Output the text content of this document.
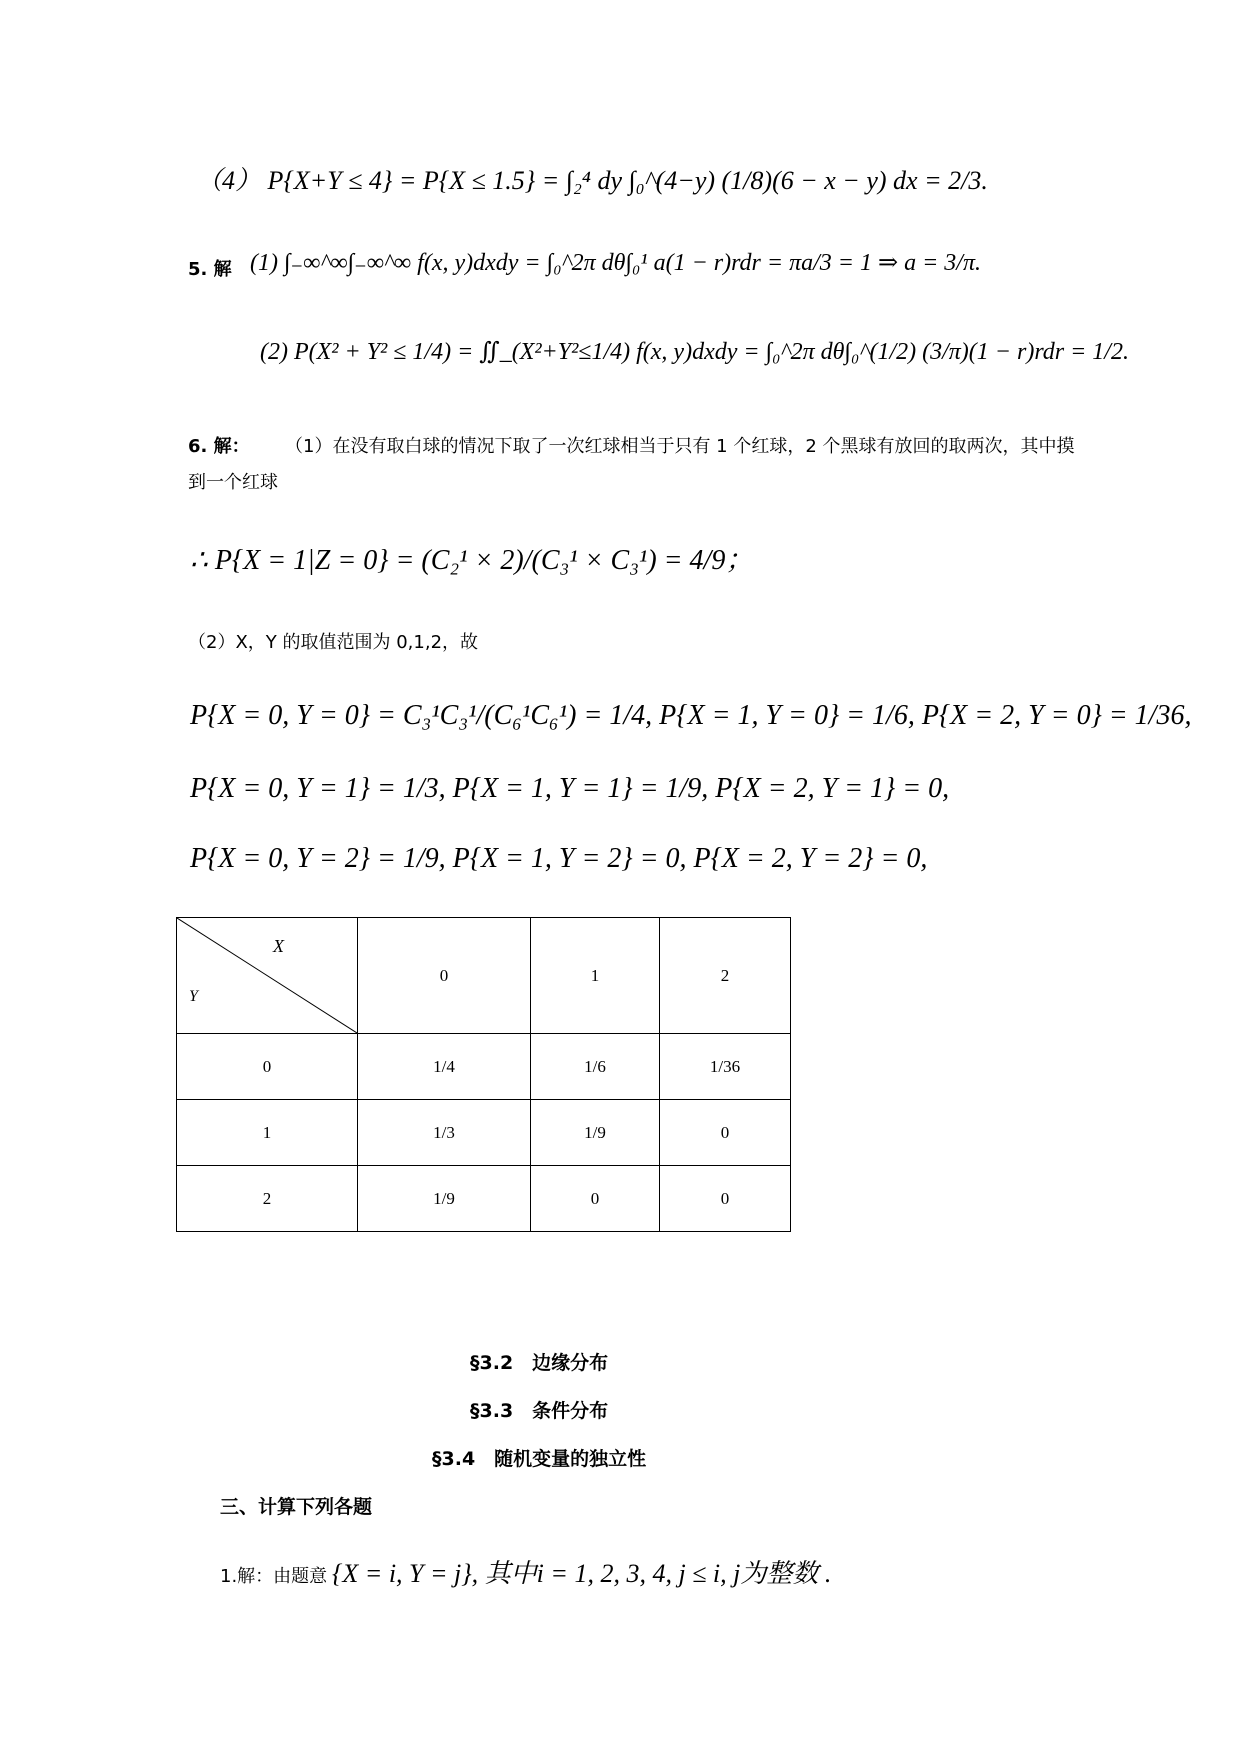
（4） P{X+Y ≤ 4} = P{X ≤ 1.5} = ∫₂⁴ dy ∫₀^(4−y) (1/8)(6 − x − y) dx = 2/3.
5. 解 (1) ∫₋∞^∞∫₋∞^∞ f(x, y)dxdy = ∫₀^2π dθ∫₀¹ a(1 − r)rdr = πa/3 = 1 ⇒ a = 3/π.
(2) P(X² + Y² ≤ 1/4) = ∬_(X²+Y²≤1/4) f(x, y)dxdy = ∫₀^2π dθ∫₀^(1/2) (3/π)(1 − r)rdr = 1/2.
6. 解： （1）在没有取白球的情况下取了一次红球相当于只有 1 个红球，2 个黑球有放回的取两次，其中摸
到一个红球
∴ P{X = 1|Z = 0} = (C₂¹ × 2)/(C₃¹ × C₃¹) = 4/9；
（2）X，Y 的取值范围为 0,1,2，故
P{X = 0, Y = 0} = C₃¹C₃¹/(C₆¹C₆¹) = 1/4, P{X = 1, Y = 0} = 1/6, P{X = 2, Y = 0} = 1/36,
P{X = 0, Y = 1} = 1/3, P{X = 1, Y = 1} = 1/9, P{X = 2, Y = 1} = 0,
P{X = 0, Y = 2} = 1/9, P{X = 1, Y = 2} = 0, P{X = 2, Y = 2} = 0,
X
Y	0	1	2
0	1/4	1/6	1/36
1	1/3	1/9	0
2	1/9	0	0
§3.2　边缘分布
§3.3　条件分布
§3.4　随机变量的独立性
三、计算下列各题
1.解：由题意 {X = i, Y = j}, 其中i = 1, 2, 3, 4, j ≤ i, j为整数 .
